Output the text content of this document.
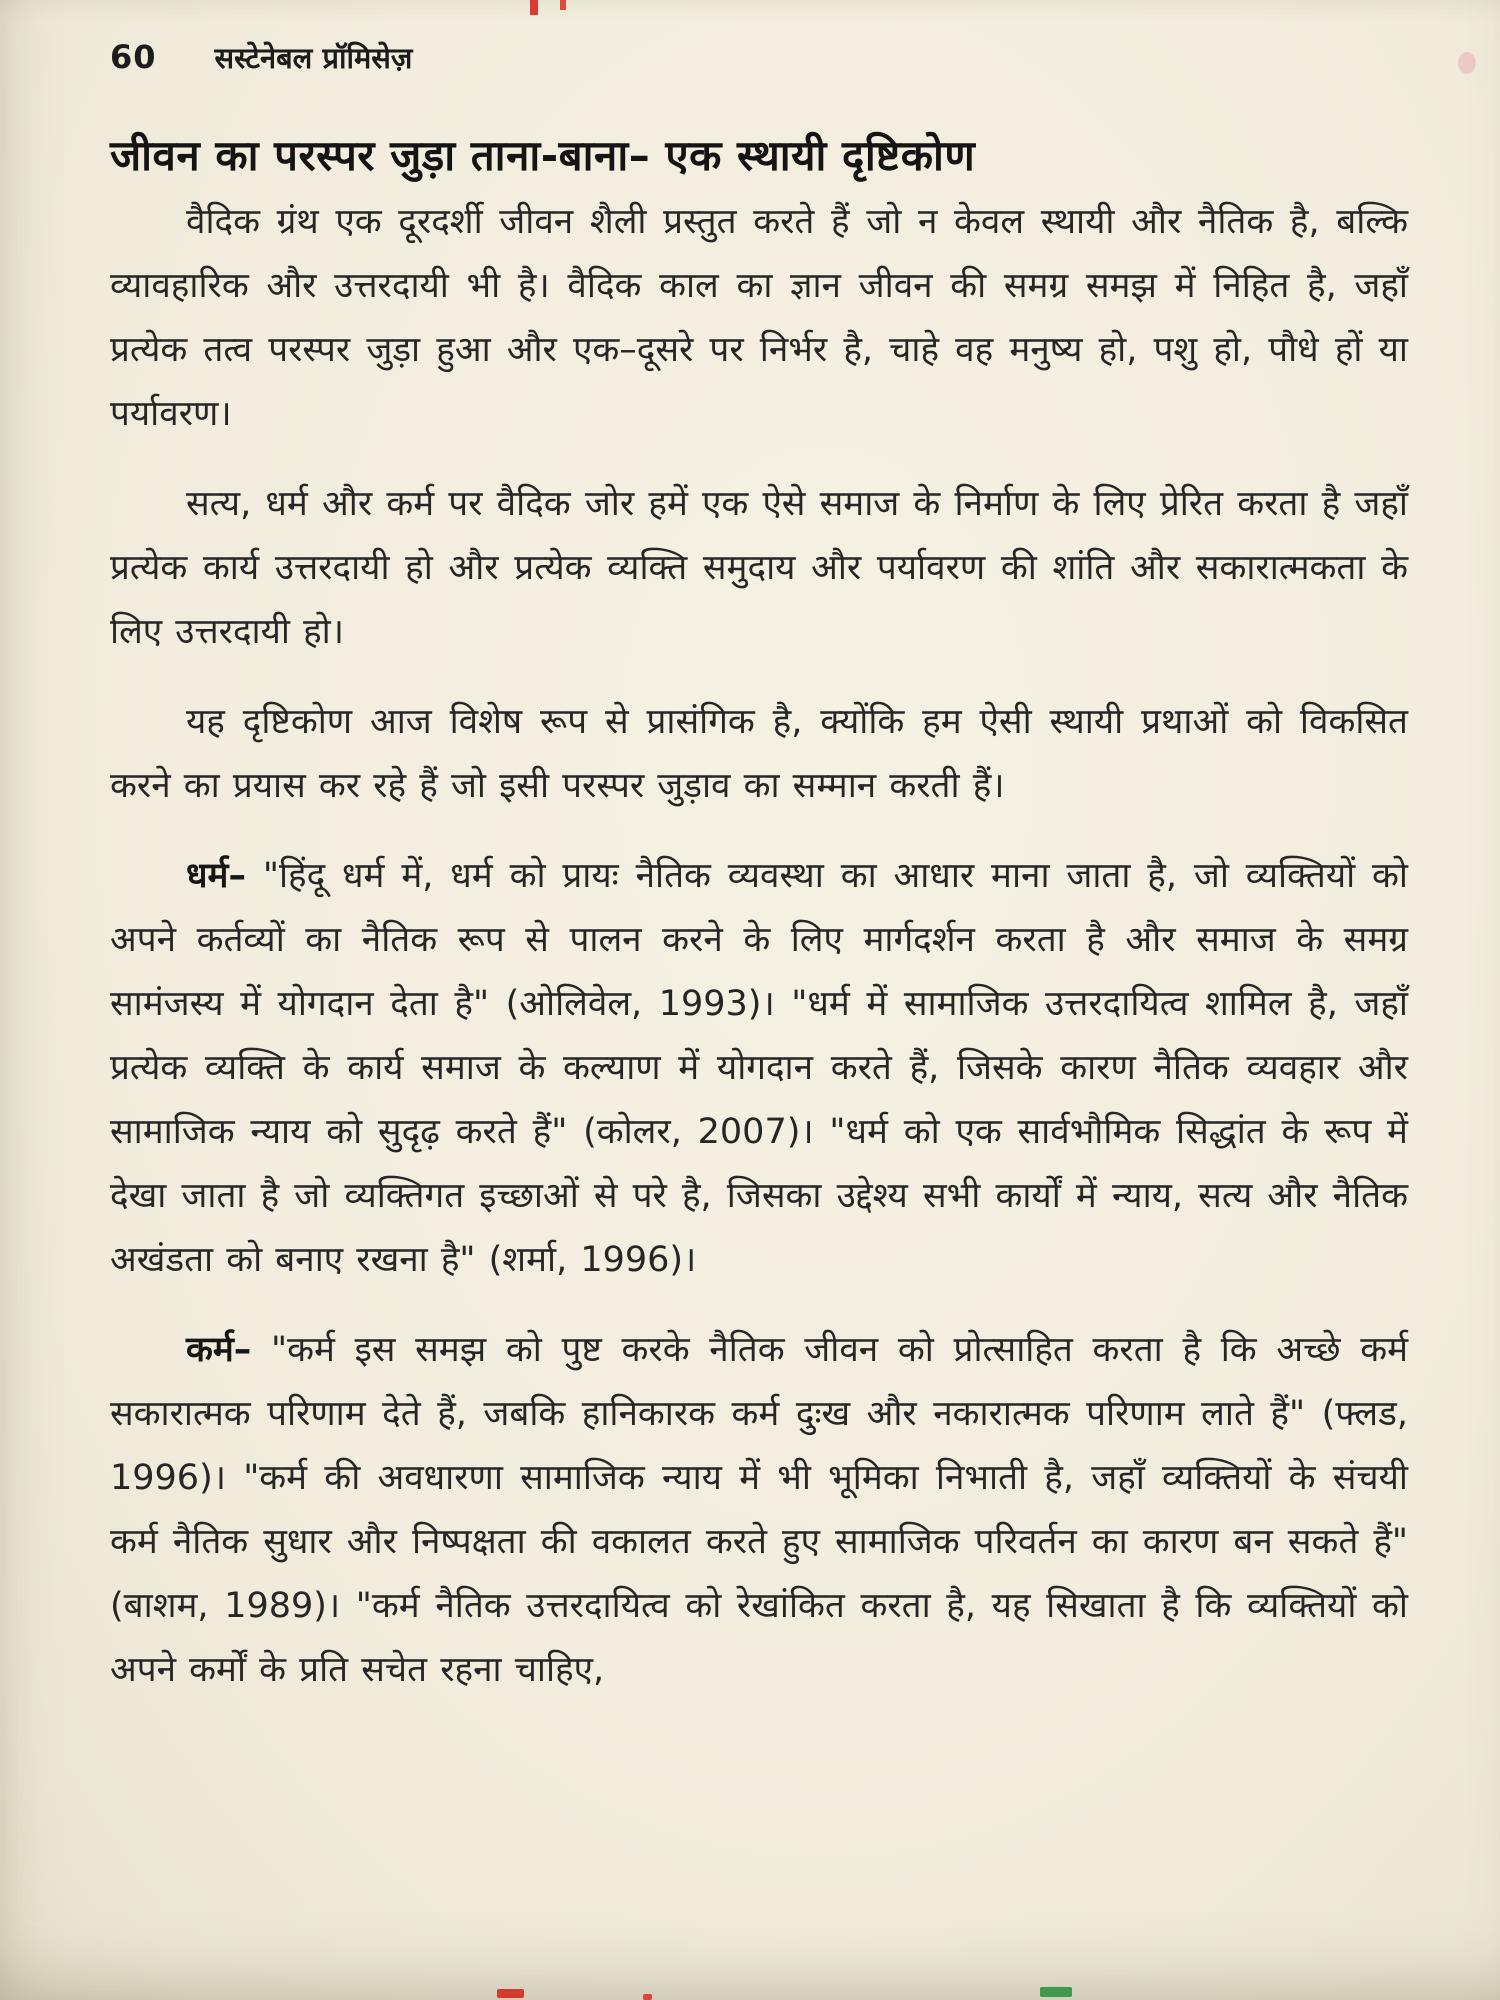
60 सस्टेनेबल प्रॉमिसेज़
जीवन का परस्पर जुड़ा ताना-बाना– एक स्थायी दृष्टिकोण

वैदिक ग्रंथ एक दूरदर्शी जीवन शैली प्रस्तुत करते हैं जो न केवल स्थायी और नैतिक है, बल्कि व्यावहारिक और उत्तरदायी भी है। वैदिक काल का ज्ञान जीवन की समग्र समझ में निहित है, जहाँ प्रत्येक तत्व परस्पर जुड़ा हुआ और एक–दूसरे पर निर्भर है, चाहे वह मनुष्य हो, पशु हो, पौधे हों या पर्यावरण।

सत्य, धर्म और कर्म पर वैदिक जोर हमें एक ऐसे समाज के निर्माण के लिए प्रेरित करता है जहाँ प्रत्येक कार्य उत्तरदायी हो और प्रत्येक व्यक्ति समुदाय और पर्यावरण की शांति और सकारात्मकता के लिए उत्तरदायी हो।

यह दृष्टिकोण आज विशेष रूप से प्रासंगिक है, क्योंकि हम ऐसी स्थायी प्रथाओं को विकसित करने का प्रयास कर रहे हैं जो इसी परस्पर जुड़ाव का सम्मान करती हैं।

धर्म– "हिंदू धर्म में, धर्म को प्रायः नैतिक व्यवस्था का आधार माना जाता है, जो व्यक्तियों को अपने कर्तव्यों का नैतिक रूप से पालन करने के लिए मार्गदर्शन करता है और समाज के समग्र सामंजस्य में योगदान देता है" (ओलिवेल, 1993)। "धर्म में सामाजिक उत्तरदायित्व शामिल है, जहाँ प्रत्येक व्यक्ति के कार्य समाज के कल्याण में योगदान करते हैं, जिसके कारण नैतिक व्यवहार और सामाजिक न्याय को सुदृढ़ करते हैं" (कोलर, 2007)। "धर्म को एक सार्वभौमिक सिद्धांत के रूप में देखा जाता है जो व्यक्तिगत इच्छाओं से परे है, जिसका उद्देश्य सभी कार्यों में न्याय, सत्य और नैतिक अखंडता को बनाए रखना है" (शर्मा, 1996)।

कर्म– "कर्म इस समझ को पुष्ट करके नैतिक जीवन को प्रोत्साहित करता है कि अच्छे कर्म सकारात्मक परिणाम देते हैं, जबकि हानिकारक कर्म दुःख और नकारात्मक परिणाम लाते हैं" (फ्लड, 1996)। "कर्म की अवधारणा सामाजिक न्याय में भी भूमिका निभाती है, जहाँ व्यक्तियों के संचयी कर्म नैतिक सुधार और निष्पक्षता की वकालत करते हुए सामाजिक परिवर्तन का कारण बन सकते हैं" (बाशम, 1989)। "कर्म नैतिक उत्तरदायित्व को रेखांकित करता है, यह सिखाता है कि व्यक्तियों को अपने कर्मों के प्रति सचेत रहना चाहिए,
